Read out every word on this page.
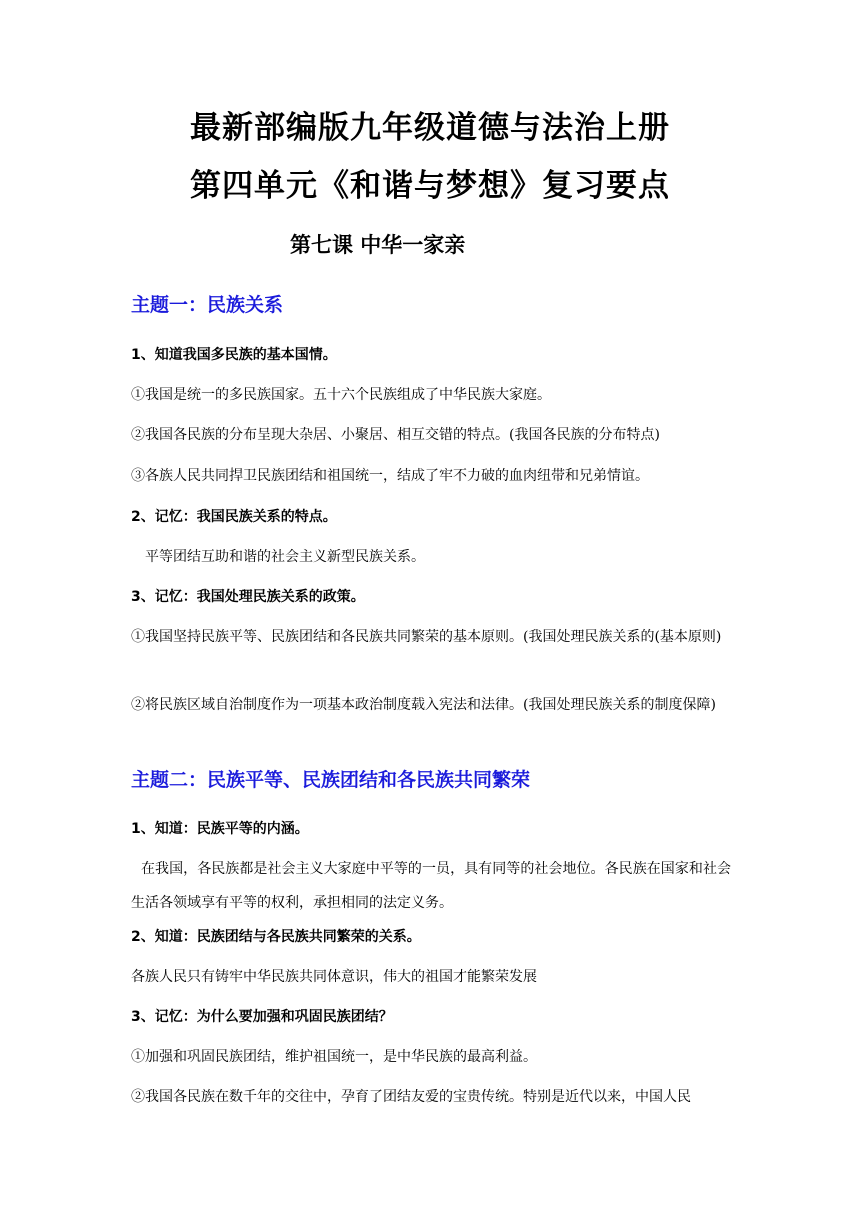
最新部编版九年级道德与法治上册
第四单元《和谐与梦想》复习要点
第七课 中华一家亲
主题一：民族关系
1、知道我国多民族的基本国情。
①我国是统一的多民族国家。五十六个民族组成了中华民族大家庭。
②我国各民族的分布呈现大杂居、小聚居、相互交错的特点。(我国各民族的分布特点)
③各族人民共同捍卫民族团结和祖国统一，结成了牢不力破的血肉纽带和兄弟情谊。
2、记忆：我国民族关系的特点。
平等团结互助和谐的社会主义新型民族关系。
3、记忆：我国处理民族关系的政策。
①我国坚持民族平等、民族团结和各民族共同繁荣的基本原则。(我国处理民族关系的(基本原则)
②将民族区域自治制度作为一项基本政治制度载入宪法和法律。(我国处理民族关系的制度保障)
主题二：民族平等、民族团结和各民族共同繁荣
1、知道：民族平等的内涵。
在我国，各民族都是社会主义大家庭中平等的一员，具有同等的社会地位。各民族在国家和社会生活各领域享有平等的权利，承担相同的法定义务。
2、知道：民族团结与各民族共同繁荣的关系。
各族人民只有铸牢中华民族共同体意识，伟大的祖国才能繁荣发展
3、记忆：为什么要加强和巩固民族团结？
①加强和巩固民族团结，维护祖国统一，是中华民族的最高利益。
②我国各民族在数千年的交往中，孕育了团结友爱的宝贵传统。特别是近代以来，中国人民
